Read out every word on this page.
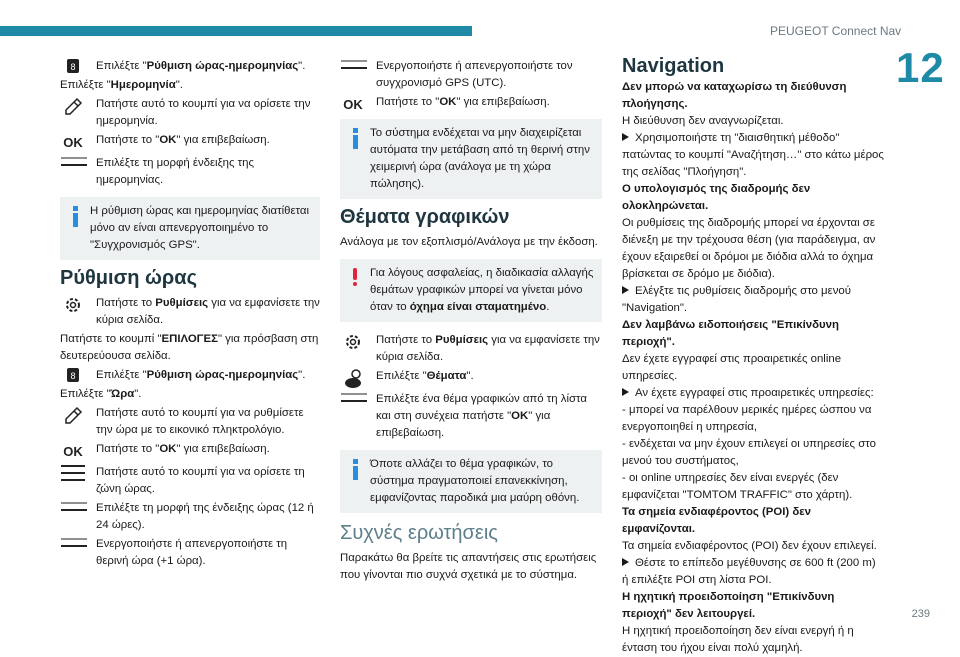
PEUGEOT Connect Nav
12
239
8 Επιλέξτε "Ρύθμιση ώρας-ημερομηνίας".
Επιλέξτε "Ημερομηνία".
Πατήστε αυτό το κουμπί για να ορίσετε την ημερομηνία.
OK Πατήστε το "OK" για επιβεβαίωση.
Επιλέξτε τη μορφή ένδειξης της ημερομηνίας.
Η ρύθμιση ώρας και ημερομηνίας διατίθεται μόνο αν είναι απενεργοποιημένο το "Συγχρονισμός GPS".
Ρύθμιση ώρας
Πατήστε το Ρυθμίσεις για να εμφανίσετε την κύρια σελίδα.
Πατήστε το κουμπί "ΕΠΙΛΟΓΕΣ" για πρόσβαση στη δευτερεύουσα σελίδα.
8 Επιλέξτε "Ρύθμιση ώρας-ημερομηνίας".
Επιλέξτε "Ώρα".
Πατήστε αυτό το κουμπί για να ρυθμίσετε την ώρα με το εικονικό πληκτρολόγιο.
OK Πατήστε το "OK" για επιβεβαίωση.
Πατήστε αυτό το κουμπί για να ορίσετε τη ζώνη ώρας.
Επιλέξτε τη μορφή της ένδειξης ώρας (12 ή 24 ώρες).
Ενεργοποιήστε ή απενεργοποιήστε τη θερινή ώρα (+1 ώρα).
Ενεργοποιήστε ή απενεργοποιήστε τον συγχρονισμό GPS (UTC).
OK Πατήστε το "OK" για επιβεβαίωση.
Το σύστημα ενδέχεται να μην διαχειρίζεται αυτόματα την μετάβαση από τη θερινή στην χειμερινή ώρα (ανάλογα με τη χώρα πώλησης).
Θέματα γραφικών
Ανάλογα με τον εξοπλισμό/Ανάλογα με την έκδοση.
Για λόγους ασφαλείας, η διαδικασία αλλαγής θεμάτων γραφικών μπορεί να γίνεται μόνο όταν το όχημα είναι σταματημένο.
Πατήστε το Ρυθμίσεις για να εμφανίσετε την κύρια σελίδα.
Επιλέξτε "Θέματα".
Επιλέξτε ένα θέμα γραφικών από τη λίστα και στη συνέχεια πατήστε "OK" για επιβεβαίωση.
Όποτε αλλάζει το θέμα γραφικών, το σύστημα πραγματοποιεί επανεκκίνηση, εμφανίζοντας παροδικά μια μαύρη οθόνη.
Συχνές ερωτήσεις
Παρακάτω θα βρείτε τις απαντήσεις στις ερωτήσεις που γίνονται πιο συχνά σχετικά με το σύστημα.
Navigation
Δεν μπορώ να καταχωρίσω τη διεύθυνση πλοήγησης.
Η διεύθυνση δεν αναγνωρίζεται.
Χρησιμοποιήστε τη "διαισθητική μέθοδο" πατώντας το κουμπί "Αναζήτηση…" στο κάτω μέρος της σελίδας "Πλοήγηση".
Ο υπολογισμός της διαδρομής δεν ολοκληρώνεται.
Οι ρυθμίσεις της διαδρομής μπορεί να έρχονται σε διένεξη με την τρέχουσα θέση (για παράδειγμα, αν έχουν εξαιρεθεί οι δρόμοι με διόδια αλλά το όχημα βρίσκεται σε δρόμο με διόδια).
Ελέγξτε τις ρυθμίσεις διαδρομής στο μενού "Navigation".
Δεν λαμβάνω ειδοποιήσεις "Επικίνδυνη περιοχή".
Δεν έχετε εγγραφεί στις προαιρετικές online υπηρεσίες.
Αν έχετε εγγραφεί στις προαιρετικές υπηρεσίες:
- μπορεί να παρέλθουν μερικές ημέρες ώσπου να ενεργοποιηθεί η υπηρεσία,
- ενδέχεται να μην έχουν επιλεγεί οι υπηρεσίες στο μενού του συστήματος,
- οι online υπηρεσίες δεν είναι ενεργές (δεν εμφανίζεται "TOMTOM TRAFFIC" στο χάρτη).
Τα σημεία ενδιαφέροντος (POI) δεν εμφανίζονται.
Τα σημεία ενδιαφέροντος (POI) δεν έχουν επιλεγεί.
Θέστε το επίπεδο μεγέθυνσης σε 600 ft (200 m) ή επιλέξτε POI στη λίστα POI.
Η ηχητική προειδοποίηση "Επικίνδυνη περιοχή" δεν λειτουργεί.
Η ηχητική προειδοποίηση δεν είναι ενεργή ή η ένταση του ήχου είναι πολύ χαμηλή.
